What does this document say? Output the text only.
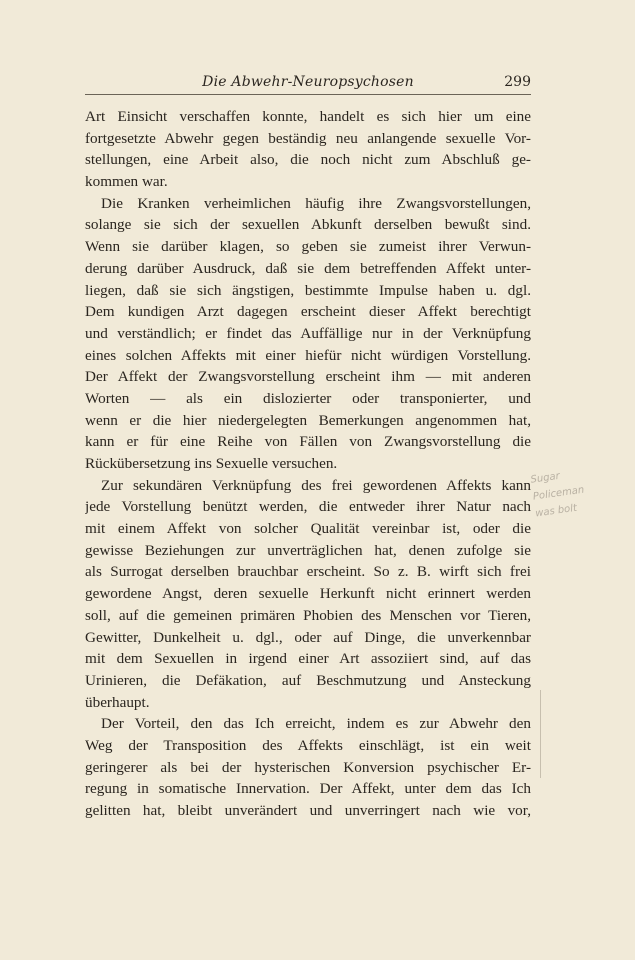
Die Abwehr-Neuropsychosen	299
Art Einsicht verschaffen konnte, handelt es sich hier um eine
fortgesetzte Abwehr gegen beständig neu anlangende sexuelle Vor-
stellungen, eine Arbeit also, die noch nicht zum Abschluß ge-
kommen war.
Die Kranken verheimlichen häufig ihre Zwangsvorstellungen,
solange sie sich der sexuellen Abkunft derselben bewußt sind.
Wenn sie darüber klagen, so geben sie zumeist ihrer Verwun-
derung darüber Ausdruck, daß sie dem betreffenden Affekt unter-
liegen, daß sie sich ängstigen, bestimmte Impulse haben u. dgl.
Dem kundigen Arzt dagegen erscheint dieser Affekt berechtigt
und verständlich; er findet das Auffällige nur in der Verknüpfung
eines solchen Affekts mit einer hiefür nicht würdigen Vorstellung.
Der Affekt der Zwangsvorstellung erscheint ihm — mit anderen
Worten — als ein dislozierter oder transponierter, und
wenn er die hier niedergelegten Bemerkungen angenommen hat,
kann er für eine Reihe von Fällen von Zwangsvorstellung die
Rückübersetzung ins Sexuelle versuchen.
Zur sekundären Verknüpfung des frei gewordenen Affekts kann
jede Vorstellung benützt werden, die entweder ihrer Natur nach
mit einem Affekt von solcher Qualität vereinbar ist, oder die
gewisse Beziehungen zur unverträglichen hat, denen zufolge sie
als Surrogat derselben brauchbar erscheint. So z. B. wirft sich frei
gewordene Angst, deren sexuelle Herkunft nicht erinnert werden
soll, auf die gemeinen primären Phobien des Menschen vor Tieren,
Gewitter, Dunkelheit u. dgl., oder auf Dinge, die unverkennbar
mit dem Sexuellen in irgend einer Art assoziiert sind, auf das
Urinieren, die Defäkation, auf Beschmutzung und Ansteckung
überhaupt.
Der Vorteil, den das Ich erreicht, indem es zur Abwehr den
Weg der Transposition des Affekts einschlägt, ist ein weit
geringerer als bei der hysterischen Konversion psychischer Er-
regung in somatische Innervation. Der Affekt, unter dem das Ich
gelitten hat, bleibt unverändert und unverringert nach wie vor,
Sugar
Policeman
was bolt
